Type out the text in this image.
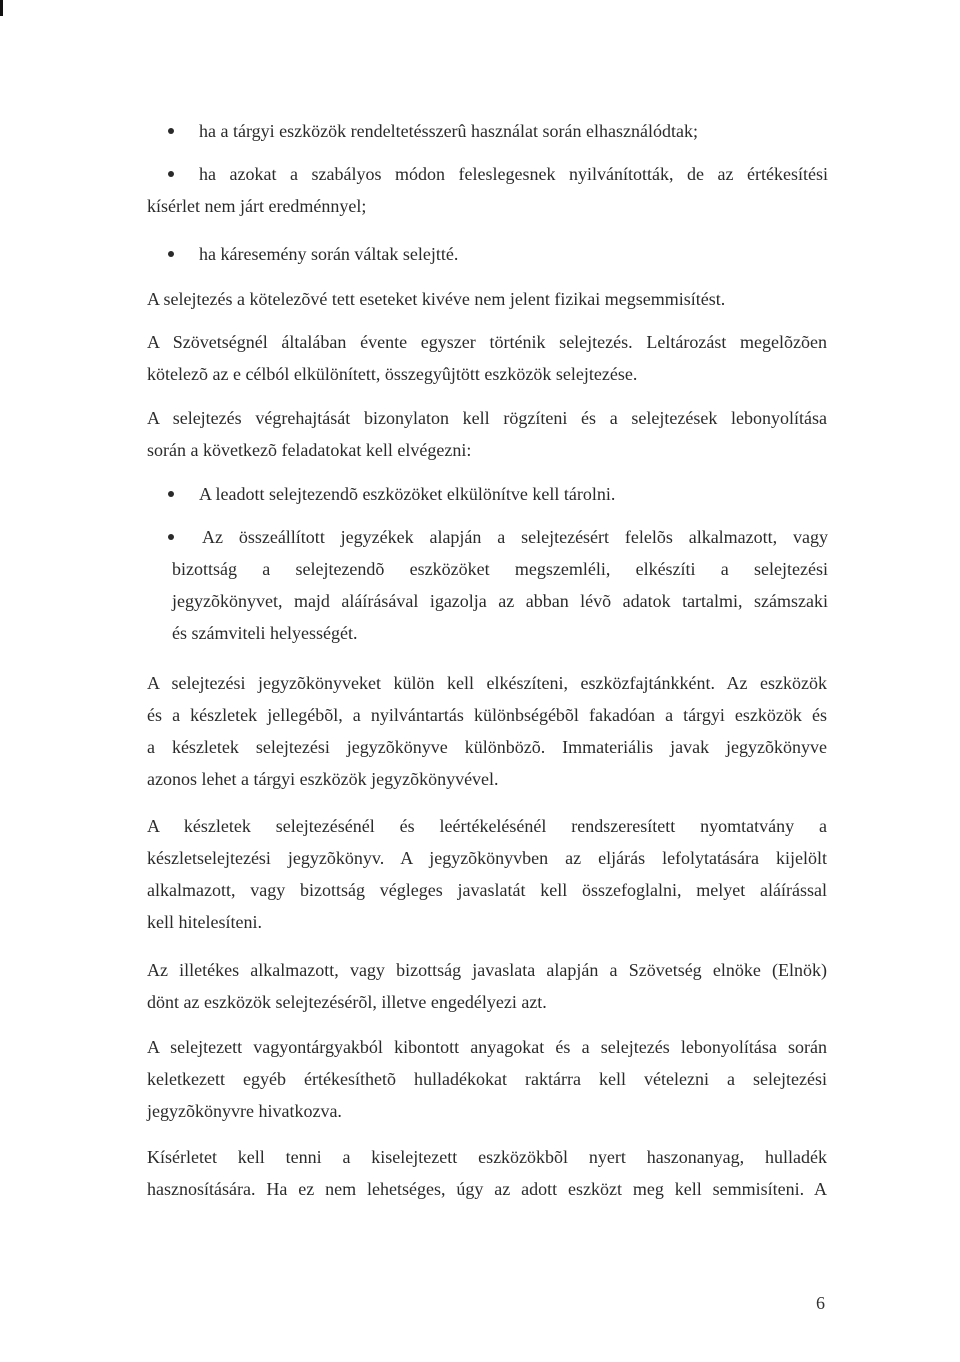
ha a tárgyi eszközök rendeltetésszerû használat során elhasználódtak;
ha azokat a szabályos módon feleslegesnek nyilvánították, de az értékesítési
kísérlet nem járt eredménnyel;
ha káresemény során váltak selejtté.

A selejtezés a kötelezõvé tett eseteket kivéve nem jelent fizikai megsemmisítést.

A Szövetségnél általában évente egyszer történik selejtezés. Leltározást megelõzõen
kötelezõ az e célból elkülönített, összegyûjtött eszközök selejtezése.

A selejtezés végrehajtását bizonylaton kell rögzíteni és a selejtezések lebonyolítása
során a következõ feladatokat kell elvégezni:

A leadott selejtezendõ eszközöket elkülönítve kell tárolni.
Az összeállított jegyzékek alapján a selejtezésért felelõs alkalmazott, vagy
bizottság a selejtezendõ eszközöket megszemléli, elkészíti a selejtezési
jegyzõkönyvet, majd aláírásával igazolja az abban lévõ adatok tartalmi, számszaki
és számviteli helyességét.

A selejtezési jegyzõkönyveket külön kell elkészíteni, eszközfajtánkként. Az eszközök
és a készletek jellegébõl, a nyilvántartás különbségébõl fakadóan a tárgyi eszközök és
a készletek selejtezési jegyzõkönyve különbözõ. Immateriális javak jegyzõkönyve
azonos lehet a tárgyi eszközök jegyzõkönyvével.

A készletek selejtezésénél és leértékelésénél rendszeresített nyomtatvány a
készletselejtezési jegyzõkönyv. A jegyzõkönyvben az eljárás lefolytatására kijelölt
alkalmazott, vagy bizottság végleges javaslatát kell összefoglalni, melyet aláírással
kell hitelesíteni.

Az illetékes alkalmazott, vagy bizottság javaslata alapján a Szövetség elnöke (Elnök)
dönt az eszközök selejtezésérõl, illetve engedélyezi azt.

A selejtezett vagyontárgyakból kibontott anyagokat és a selejtezés lebonyolítása során
keletkezett egyéb értékesíthetõ hulladékokat raktárra kell vételezni a selejtezési
jegyzõkönyvre hivatkozva.

Kísérletet kell tenni a kiselejtezett eszközökbõl nyert haszonanyag, hulladék
hasznosítására. Ha ez nem lehetséges, úgy az adott eszközt meg kell semmisíteni. A

6
